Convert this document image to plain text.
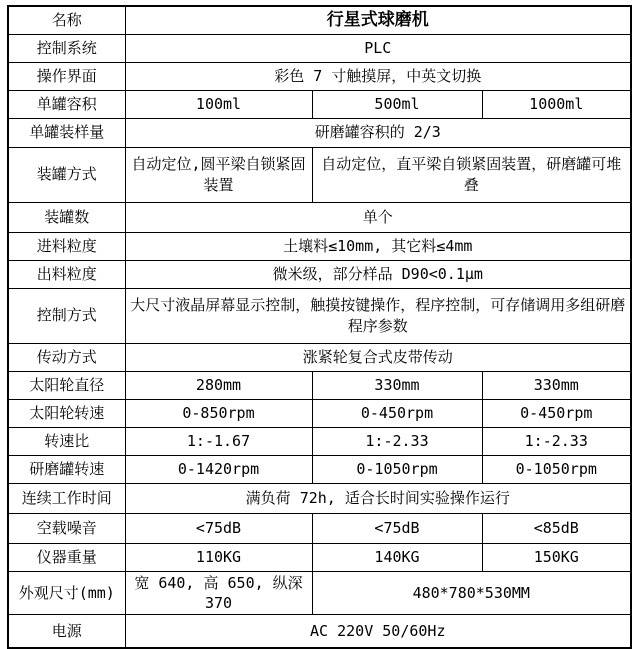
名称	行星式球磨机		
控制系统	PLC		
操作界面	彩色 7 寸触摸屏，中英文切换		
单罐容积	100ml	500ml	1000ml
单罐装样量	研磨罐容积的 2/3		
装罐方式	自动定位,圆平梁自锁紧固装置	自动定位，直平梁自锁紧固装置，研磨罐可堆叠	
装罐数	单个		
进料粒度	土壤料≤10mm, 其它料≤4mm		
出料粒度	微米级，部分样品 D90<0.1μm		
控制方式	大尺寸液晶屏幕显示控制，触摸按键操作，程序控制，可存储调用多组研磨程序参数		
传动方式	涨紧轮复合式皮带传动		
太阳轮直径	280mm	330mm	330mm
太阳轮转速	0-850rpm	0-450rpm	0-450rpm
转速比	1:-1.67	1:-2.33	1:-2.33
研磨罐转速	0-1420rpm	0-1050rpm	0-1050rpm
连续工作时间	满负荷 72h, 适合长时间实验操作运行		
空载噪音	<75dB	<75dB	<85dB
仪器重量	110KG	140KG	150KG
外观尺寸(mm)	宽 640, 高 650, 纵深 370	480*780*530MM	
电源	AC 220V 50/60Hz		
